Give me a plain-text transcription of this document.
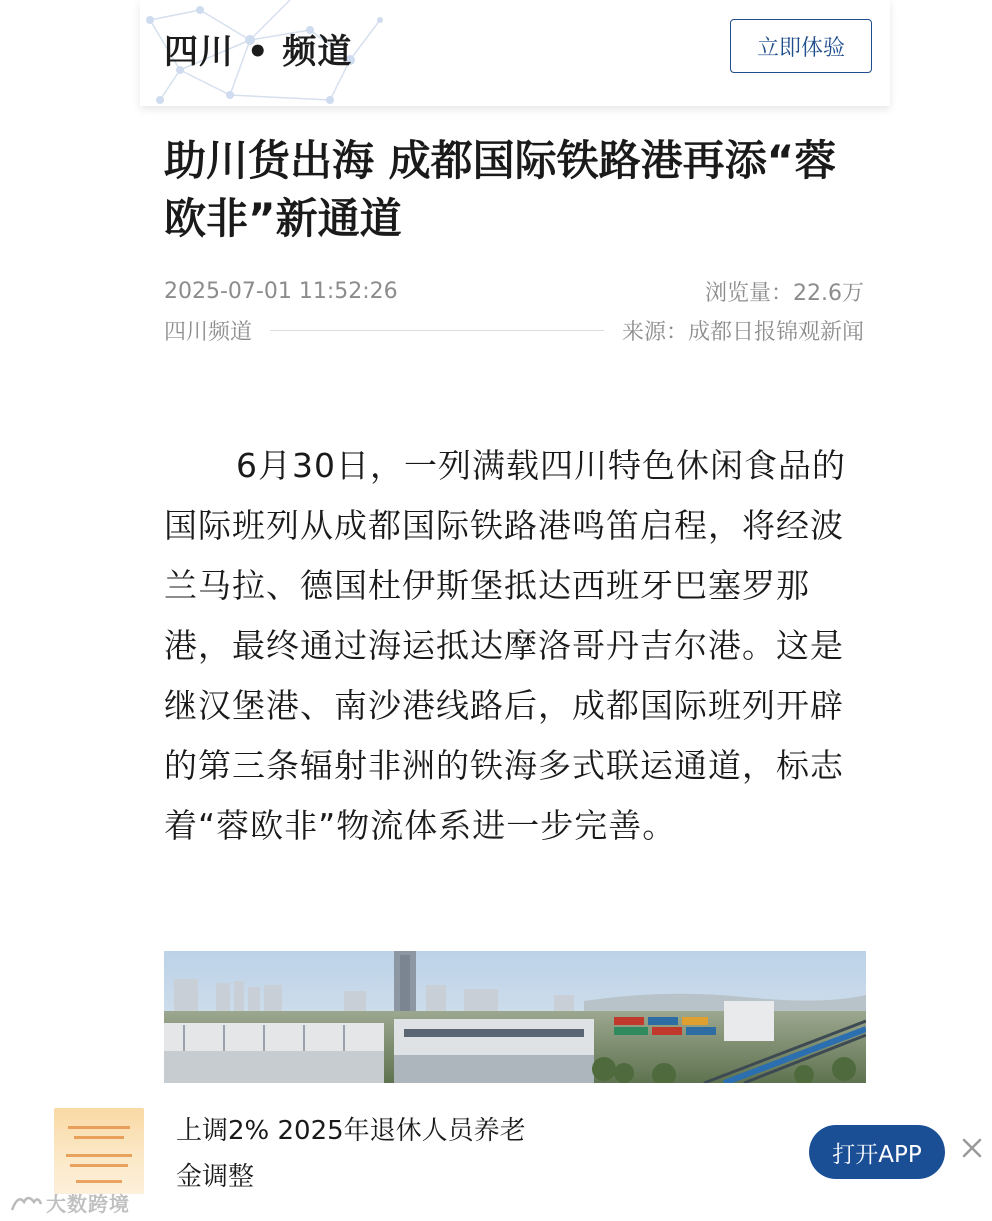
四川 • 频道	立即体验
助川货出海 成都国际铁路港再添“蓉欧非”新通道
2025-07-01 11:52:26	浏览量：22.6万
四川频道	来源：成都日报锦观新闻

6月30日，一列满载四川特色休闲食品的国际班列从成都国际铁路港鸣笛启程，将经波兰马拉、德国杜伊斯堡抵达西班牙巴塞罗那港，最终通过海运抵达摩洛哥丹吉尔港。这是继汉堡港、南沙港线路后，成都国际班列开辟的第三条辐射非洲的铁海多式联运通道，标志着“蓉欧非”物流体系进一步完善。

上调2% 2025年退休人员养老金调整
打开APP
大数跨境
